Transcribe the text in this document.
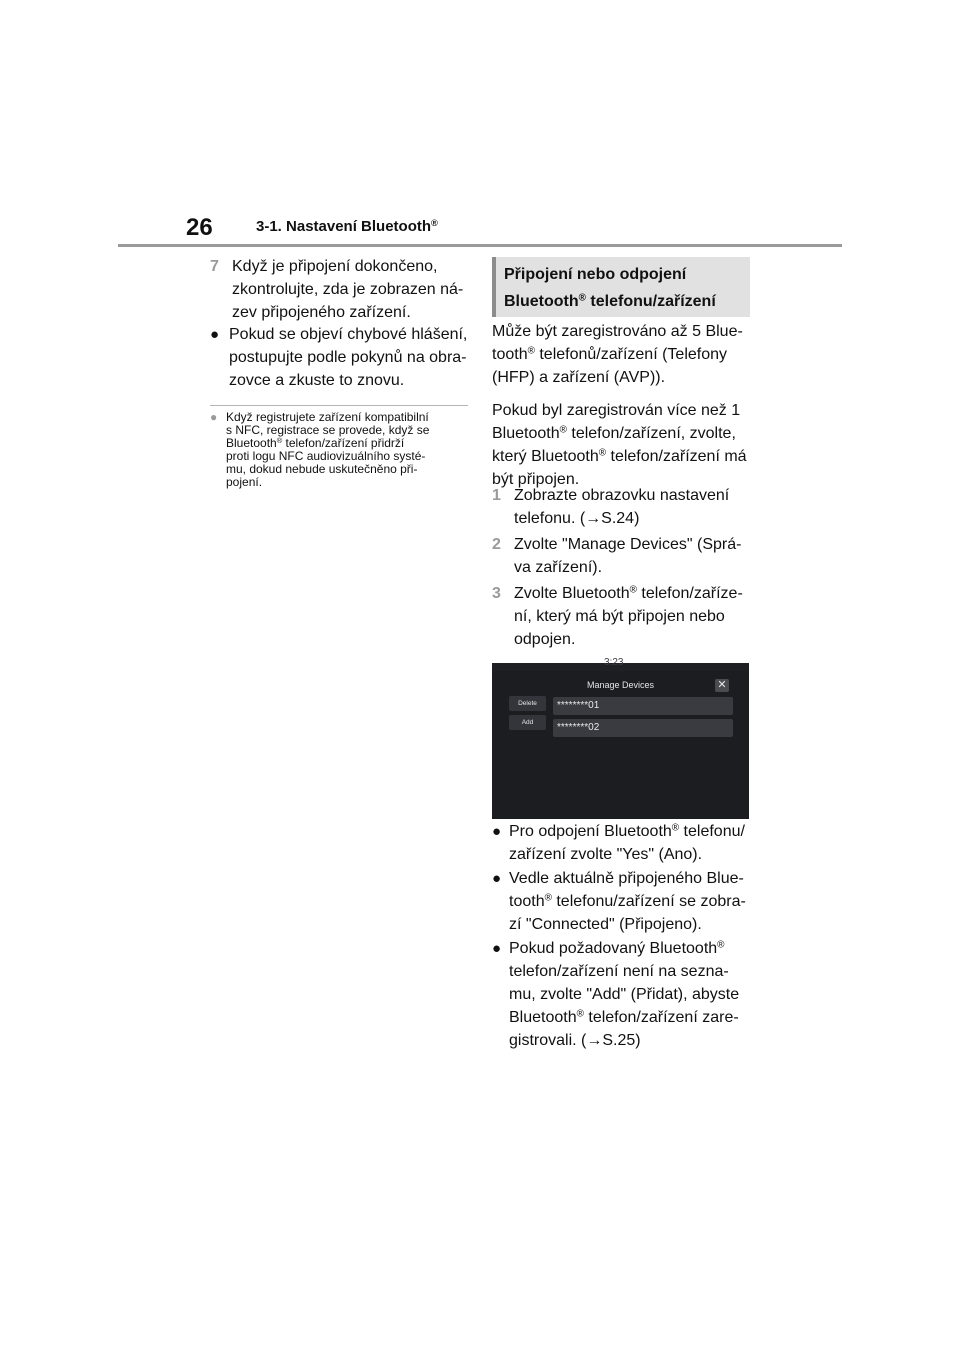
26	3-1. Nastavení Bluetooth®
7 Když je připojení dokončeno,
zkontrolujte, zda je zobrazen ná-
zev připojeného zařízení.
● Pokud se objeví chybové hlášení,
postupujte podle pokynů na obra-
zovce a zkuste to znovu.
● Když registrujete zařízení kompatibilní
s NFC, registrace se provede, když se
Bluetooth® telefon/zařízení přidrží
proti logu NFC audiovizuálního systé-
mu, dokud nebude uskutečněno při-
pojení.
Připojení nebo odpojení
Bluetooth® telefonu/zařízení

Může být zaregistrováno až 5 Blue-
tooth® telefonů/zařízení (Telefony
(HFP) a zařízení (AVP)).

Pokud byl zaregistrován více než 1
Bluetooth® telefon/zařízení, zvolte,
který Bluetooth® telefon/zařízení má
být připojen.

1 Zobrazte obrazovku nastavení
telefonu. (→S.24)
2 Zvolte "Manage Devices" (Sprá-
va zařízení).
3 Zvolte Bluetooth® telefon/zaříze-
ní, který má být připojen nebo
odpojen.
3:23
Manage Devices	✕
Delete
Add
********01
********02
● Pro odpojení Bluetooth® telefonu/
zařízení zvolte "Yes" (Ano).
● Vedle aktuálně připojeného Blue-
tooth® telefonu/zařízení se zobra-
zí "Connected" (Připojeno).
● Pokud požadovaný Bluetooth®
telefon/zařízení není na sezna-
mu, zvolte "Add" (Přidat), abyste
Bluetooth® telefon/zařízení zare-
gistrovali. (→S.25)
